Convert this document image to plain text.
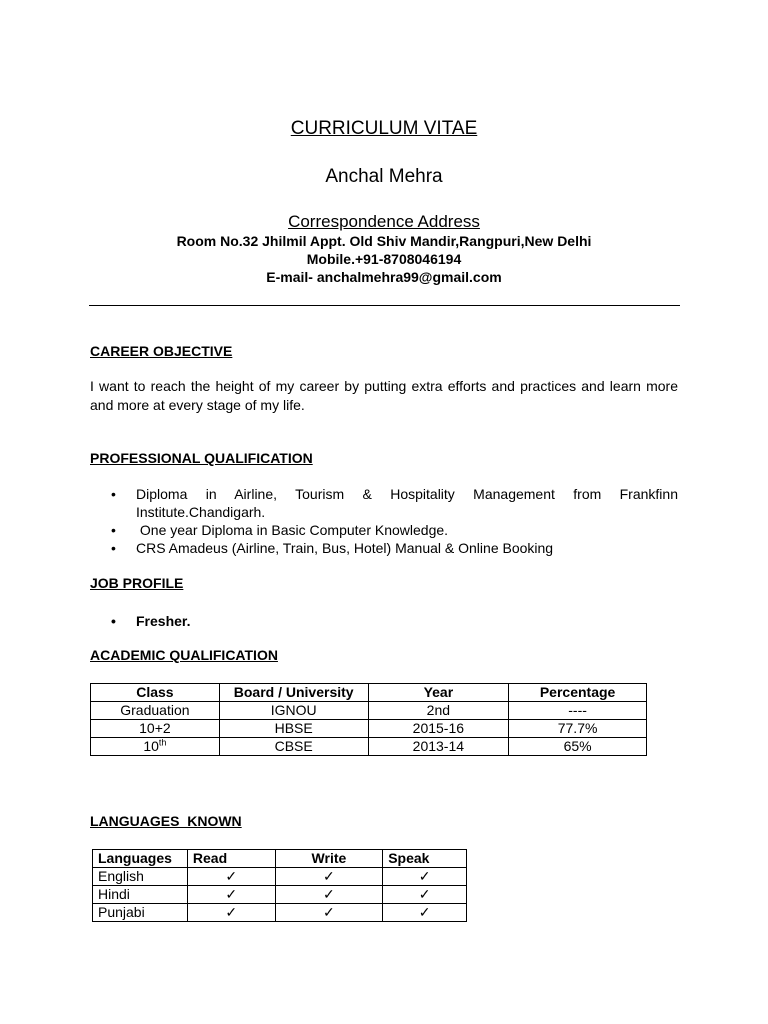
CURRICULUM VITAE
Anchal Mehra
Correspondence Address
Room No.32 Jhilmil Appt. Old Shiv Mandir,Rangpuri,New Delhi
Mobile.+91-8708046194
E-mail- anchalmehra99@gmail.com
CAREER OBJECTIVE
I want to reach the height of my career by putting extra efforts and practices and learn more and more at every stage of my life.
PROFESSIONAL QUALIFICATION
• Diploma in Airline, Tourism & Hospitality Management from Frankfinn Institute.Chandigarh.
• One year Diploma in Basic Computer Knowledge.
• CRS Amadeus (Airline, Train, Bus, Hotel) Manual & Online Booking
JOB PROFILE
• Fresher.
ACADEMIC QUALIFICATION
Class	Board / University	Year	Percentage
Graduation	IGNOU	2nd	----
10+2	HBSE	2015-16	77.7%
10th	CBSE	2013-14	65%
LANGUAGES  KNOWN
Languages	Read	Write	Speak
English	✓	✓	✓
Hindi	✓	✓	✓
Punjabi	✓	✓	✓
